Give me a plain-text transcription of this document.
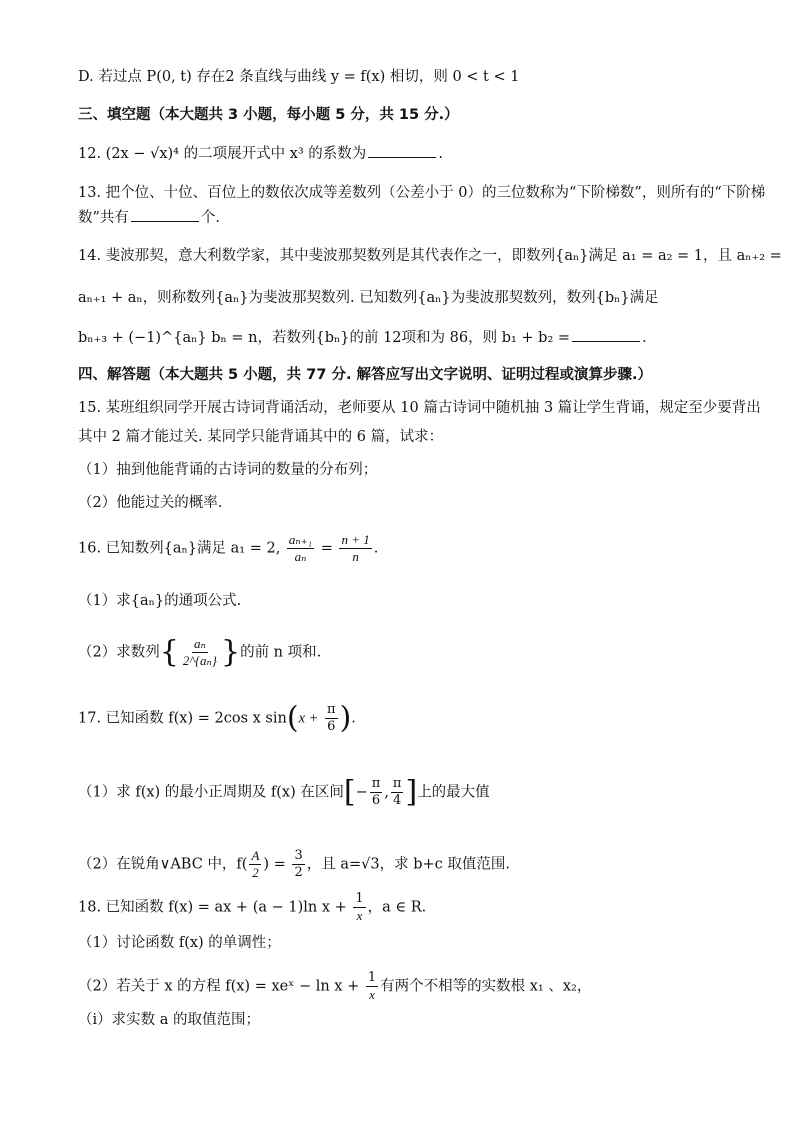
D. 若过点 P(0, t) 存在2 条直线与曲线 y = f(x) 相切，则 0 < t < 1
三、填空题（本大题共 3 小题，每小题 5 分，共 15 分.）
12. (2x − √x)⁴ 的二项展开式中 x³ 的系数为	.
13. 把个位、十位、百位上的数依次成等差数列（公差小于 0）的三位数称为“下阶梯数”，则所有的“下阶梯
数”共有	个.
14. 斐波那契，意大利数学家，其中斐波那契数列是其代表作之一，即数列{aₙ}满足 a₁ = a₂ = 1，且 aₙ₊₂ =
aₙ₊₁ + aₙ，则称数列{aₙ}为斐波那契数列. 已知数列{aₙ}为斐波那契数列，数列{bₙ}满足
bₙ₊₃ + (−1)^{aₙ} bₙ = n，若数列{bₙ}的前 12项和为 86，则 b₁ + b₂ =	.
四、解答题（本大题共 5 小题，共 77 分. 解答应写出文字说明、证明过程或演算步骤.）
15. 某班组织同学开展古诗词背诵活动，老师要从 10 篇古诗词中随机抽 3 篇让学生背诵，规定至少要背出
其中 2 篇才能过关. 某同学只能背诵其中的 6 篇，试求：
（1）抽到他能背诵的古诗词的数量的分布列；
（2）他能过关的概率.
16. 已知数列{aₙ}满足 a₁ = 2, $\frac{\text{aₙ₊₁}}{\text{aₙ}} = \frac{n + 1}{n}$ .
（1）求{aₙ}的通项公式.
（2）求数列{ $\frac{\text{aₙ}}{\text{2\textasciicircum{}\{aₙ\}}}$ }的前 n 项和.
17. 已知函数 f(x) = 2cos x $\sin(x + \frac{\pi}{6}$ ).
（1）求 f(x) 的最小正周期及 f(x) 在区间[− $\frac{\pi}{6}$ , $\frac{\pi}{4}$ ]上的最大值
（2）在锐角∨ABC 中，$f( \frac{A}{2}$ ) = $\frac{3}{2}$ ，且 a=√3，求 b+c 取值范围.
18. 已知函数 f(x) = ax + (a − 1)ln $x + \frac{1}{x}$ ，a ∈ R.
（1）讨论函数 f(x) 的单调性；
（2）若关于 x 的方程 f(x) = xeˣ − $\ln x + \frac{1}{x}$ 有两个不相等的实数根 x₁ 、x₂，
（ⅰ）求实数 a 的取值范围；
